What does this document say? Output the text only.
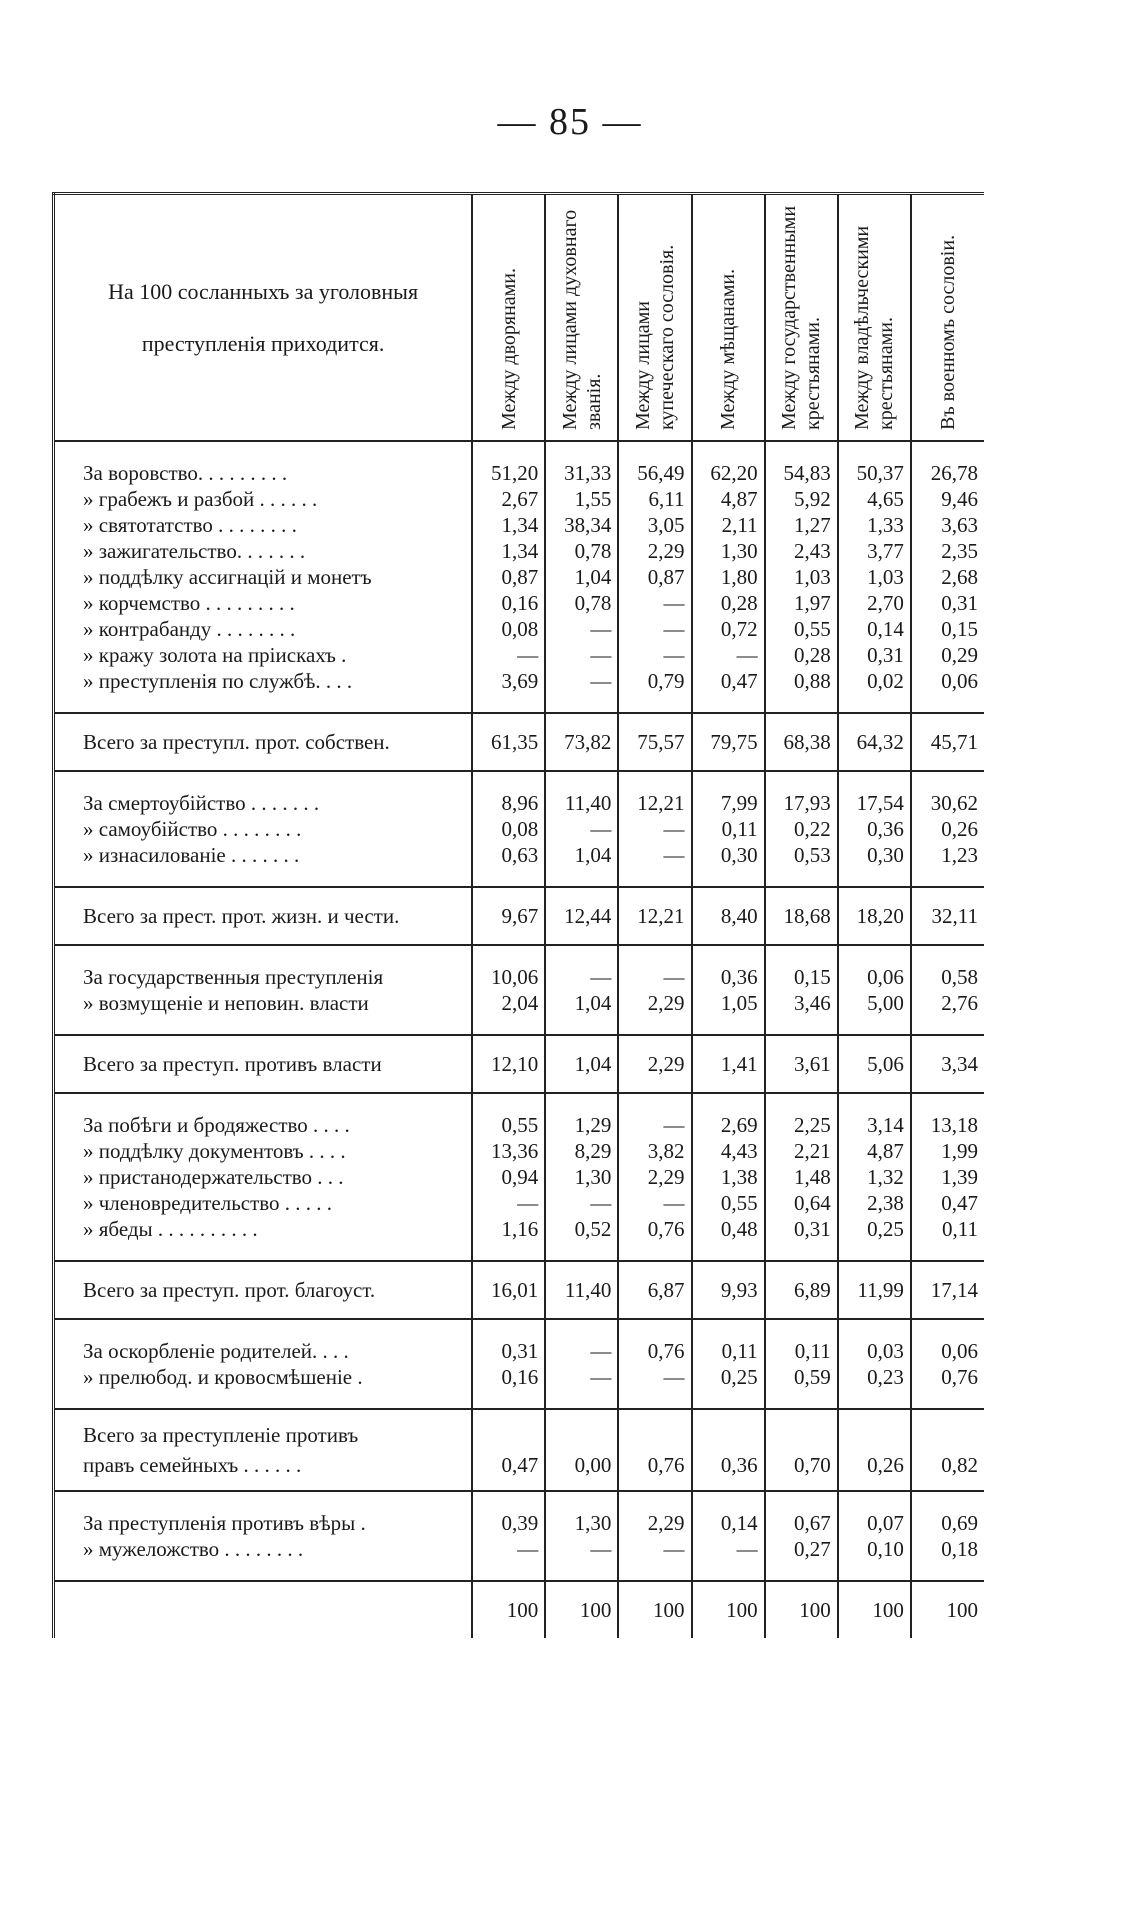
— 85 —
На 100 сосланныхъ за уголовныя преступленія приходится.	Между дворянами.	Между лицами духовнаго званія.	Между лицами купеческаго сословія.	Между мѣщанами.	Между государственными крестьянами.	Между владѣльческими крестьянами.	Въ военномъ сословіи.

За воровство. . . . . . . . .	51,20	31,33	56,49	62,20	54,83	50,37	26,78
» грабежъ и разбой . . . . . .	2,67	1,55	6,11	4,87	5,92	4,65	9,46
» святотатство . . . . . . . .	1,34	38,34	3,05	2,11	1,27	1,33	3,63
» зажигательство. . . . . . .	1,34	0,78	2,29	1,30	2,43	3,77	2,35
» поддѣлку ассигнацій и монетъ	0,87	1,04	0,87	1,80	1,03	1,03	2,68
» корчемство . . . . . . . . .	0,16	0,78	—	0,28	1,97	2,70	0,31
» контрабанду . . . . . . . .	0,08	—	—	0,72	0,55	0,14	0,15
» кражу золота на пріискахъ .	—	—	—	—	0,28	0,31	0,29
» преступленія по службѣ. . . .	3,69	—	0,79	0,47	0,88	0,02	0,06

Всего за преступл. прот. собствен.	61,35	73,82	75,57	79,75	68,38	64,32	45,71

За смертоубійство . . . . . . .	8,96	11,40	12,21	7,99	17,93	17,54	30,62
» самоубійство . . . . . . . .	0,08	—	—	0,11	0,22	0,36	0,26
» изнасилованіе . . . . . . .	0,63	1,04	—	0,30	0,53	0,30	1,23

Всего за прест. прот. жизн. и чести.	9,67	12,44	12,21	8,40	18,68	18,20	32,11

За государственныя преступленія	10,06	—	—	0,36	0,15	0,06	0,58
» возмущеніе и неповин. власти	2,04	1,04	2,29	1,05	3,46	5,00	2,76

Всего за преступ. противъ власти	12,10	1,04	2,29	1,41	3,61	5,06	3,34

За побѣги и бродяжество . . . .	0,55	1,29	—	2,69	2,25	3,14	13,18
» поддѣлку документовъ . . . .	13,36	8,29	3,82	4,43	2,21	4,87	1,99
» пристанодержательство . . .	0,94	1,30	2,29	1,38	1,48	1,32	1,39
» членовредительство . . . . .	—	—	—	0,55	0,64	2,38	0,47
» ябеды . . . . . . . . . .	1,16	0,52	0,76	0,48	0,31	0,25	0,11

Всего за преступ. прот. благоуст.	16,01	11,40	6,87	9,93	6,89	11,99	17,14

За оскорбленіе родителей. . . .	0,31	—	0,76	0,11	0,11	0,03	0,06
» прелюбод. и кровосмѣшеніе .	0,16	—	—	0,25	0,59	0,23	0,76

Всего за преступленіе противъ							
правъ семейныхъ . . . . . .	0,47	0,00	0,76	0,36	0,70	0,26	0,82

За преступленія противъ вѣры .	0,39	1,30	2,29	0,14	0,67	0,07	0,69
» мужеложство . . . . . . . .	—	—	—	—	0,27	0,10	0,18

	100	100	100	100	100	100	100
